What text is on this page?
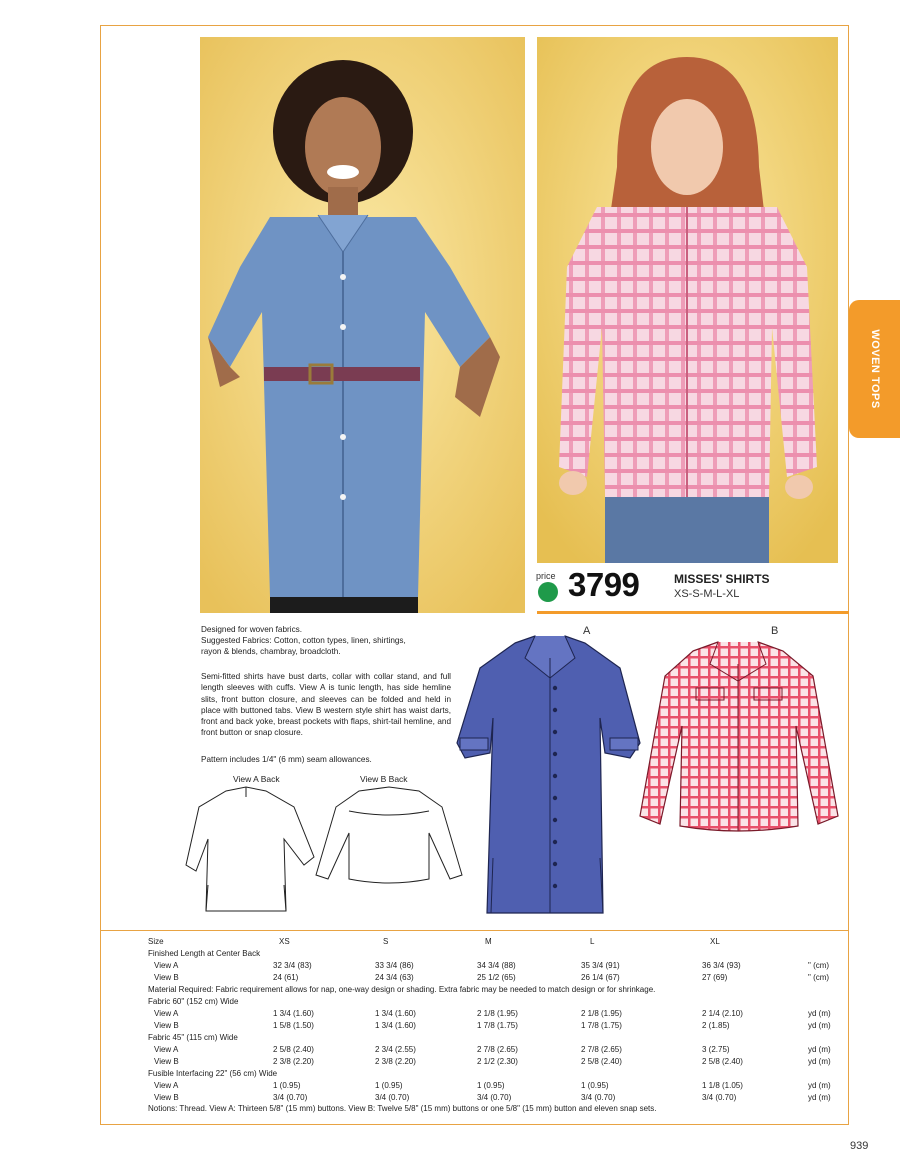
WOVEN TOPS
price 3799	MISSES' SHIRTS
XS-S-M-L-XL
Designed for woven fabrics.
Suggested Fabrics: Cotton, cotton types, linen, shirtings,
rayon & blends, chambray, broadcloth.
Semi-fitted shirts have bust darts, collar with collar stand, and full length sleeves with cuffs. View A is tunic length, has side hemline slits, front button closure, and sleeves can be folded and held in place with buttoned tabs. View B western style shirt has waist darts, front and back yoke, breast pockets with flaps, shirt-tail hemline, and front button or snap closure.
Pattern includes 1/4" (6 mm) seam allowances.
A	B
View A Back	View B Back
Size	XS	S	M	L	XL
Finished Length at Center Back
View A	32 3/4 (83)	33 3/4 (86)	34 3/4 (88)	35 3/4 (91)	36 3/4 (93)	" (cm)
View B	24 (61)	24 3/4 (63)	25 1/2 (65)	26 1/4 (67)	27 (69)	" (cm)
Material Required: Fabric requirement allows for nap, one-way design or shading. Extra fabric may be needed to match design or for shrinkage.
Fabric 60" (152 cm) Wide
View A	1 3/4 (1.60)	1 3/4 (1.60)	2 1/8 (1.95)	2 1/8 (1.95)	2 1/4 (2.10)	yd (m)
View B	1 5/8 (1.50)	1 3/4 (1.60)	1 7/8 (1.75)	1 7/8 (1.75)	2 (1.85)	yd (m)
Fabric 45" (115 cm) Wide
View A	2 5/8 (2.40)	2 3/4 (2.55)	2 7/8 (2.65)	2 7/8 (2.65)	3 (2.75)	yd (m)
View B	2 3/8 (2.20)	2 3/8 (2.20)	2 1/2 (2.30)	2 5/8 (2.40)	2 5/8 (2.40)	yd (m)
Fusible Interfacing 22" (56 cm) Wide
View A	1 (0.95)	1 (0.95)	1 (0.95)	1 (0.95)	1 1/8 (1.05)	yd (m)
View B	3/4 (0.70)	3/4 (0.70)	3/4 (0.70)	3/4 (0.70)	3/4 (0.70)	yd (m)
Notions: Thread. View A: Thirteen 5/8" (15 mm) buttons. View B: Twelve 5/8" (15 mm) buttons or one 5/8" (15 mm) button and eleven snap sets.
939
